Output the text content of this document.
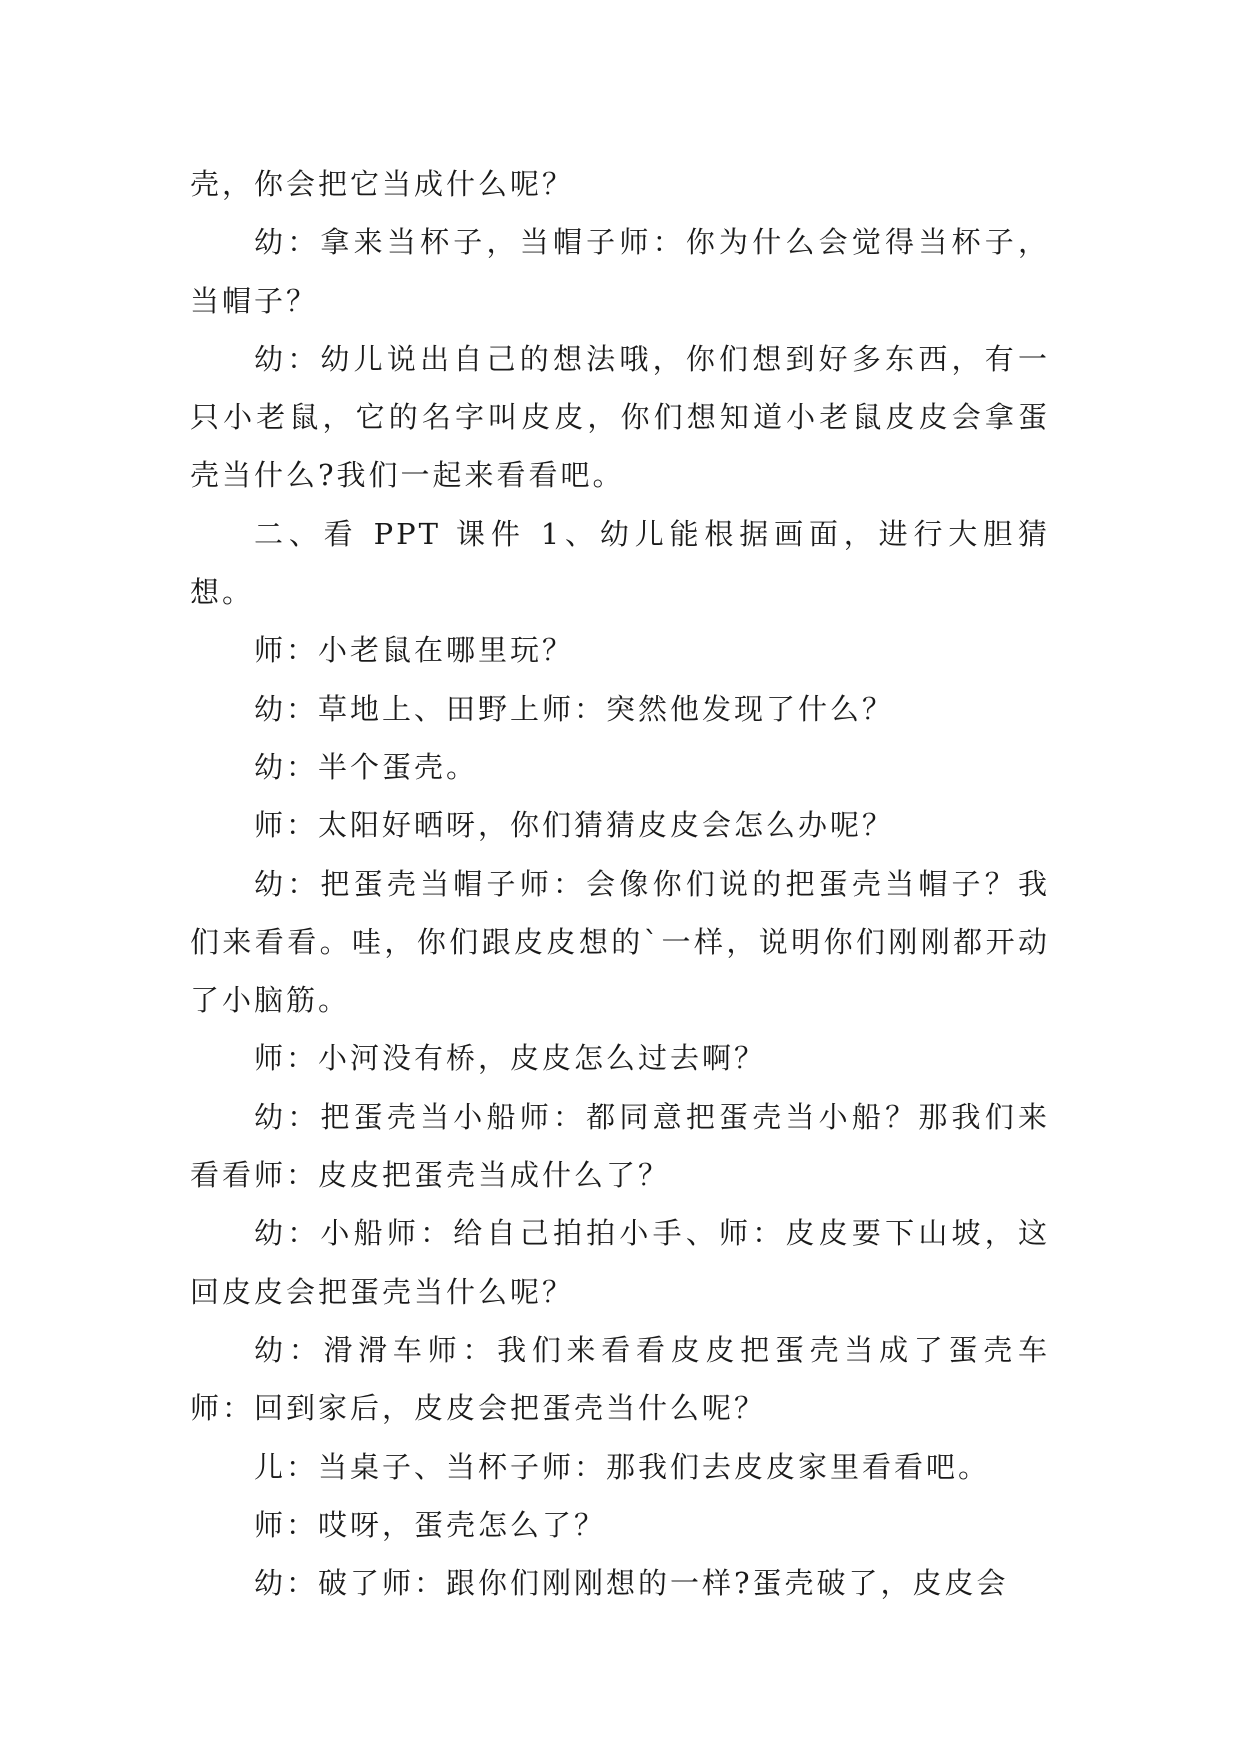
壳，你会把它当成什么呢？

幼：拿来当杯子，当帽子师：你为什么会觉得当杯子，当帽子？

幼：幼儿说出自己的想法哦，你们想到好多东西，有一只小老鼠，它的名字叫皮皮，你们想知道小老鼠皮皮会拿蛋壳当什么?我们一起来看看吧。

二、看 PPT 课件 1、幼儿能根据画面，进行大胆猜想。

师：小老鼠在哪里玩？

幼：草地上、田野上师：突然他发现了什么？

幼：半个蛋壳。

师：太阳好晒呀，你们猜猜皮皮会怎么办呢？

幼：把蛋壳当帽子师：会像你们说的把蛋壳当帽子？我们来看看。哇，你们跟皮皮想的`一样，说明你们刚刚都开动了小脑筋。

师：小河没有桥，皮皮怎么过去啊？

幼：把蛋壳当小船师：都同意把蛋壳当小船？那我们来看看师：皮皮把蛋壳当成什么了？

幼：小船师：给自己拍拍小手、师：皮皮要下山坡，这回皮皮会把蛋壳当什么呢？

幼：滑滑车师：我们来看看皮皮把蛋壳当成了蛋壳车师：回到家后，皮皮会把蛋壳当什么呢？

儿：当桌子、当杯子师：那我们去皮皮家里看看吧。

师：哎呀，蛋壳怎么了？

幼：破了师：跟你们刚刚想的一样?蛋壳破了，皮皮会
